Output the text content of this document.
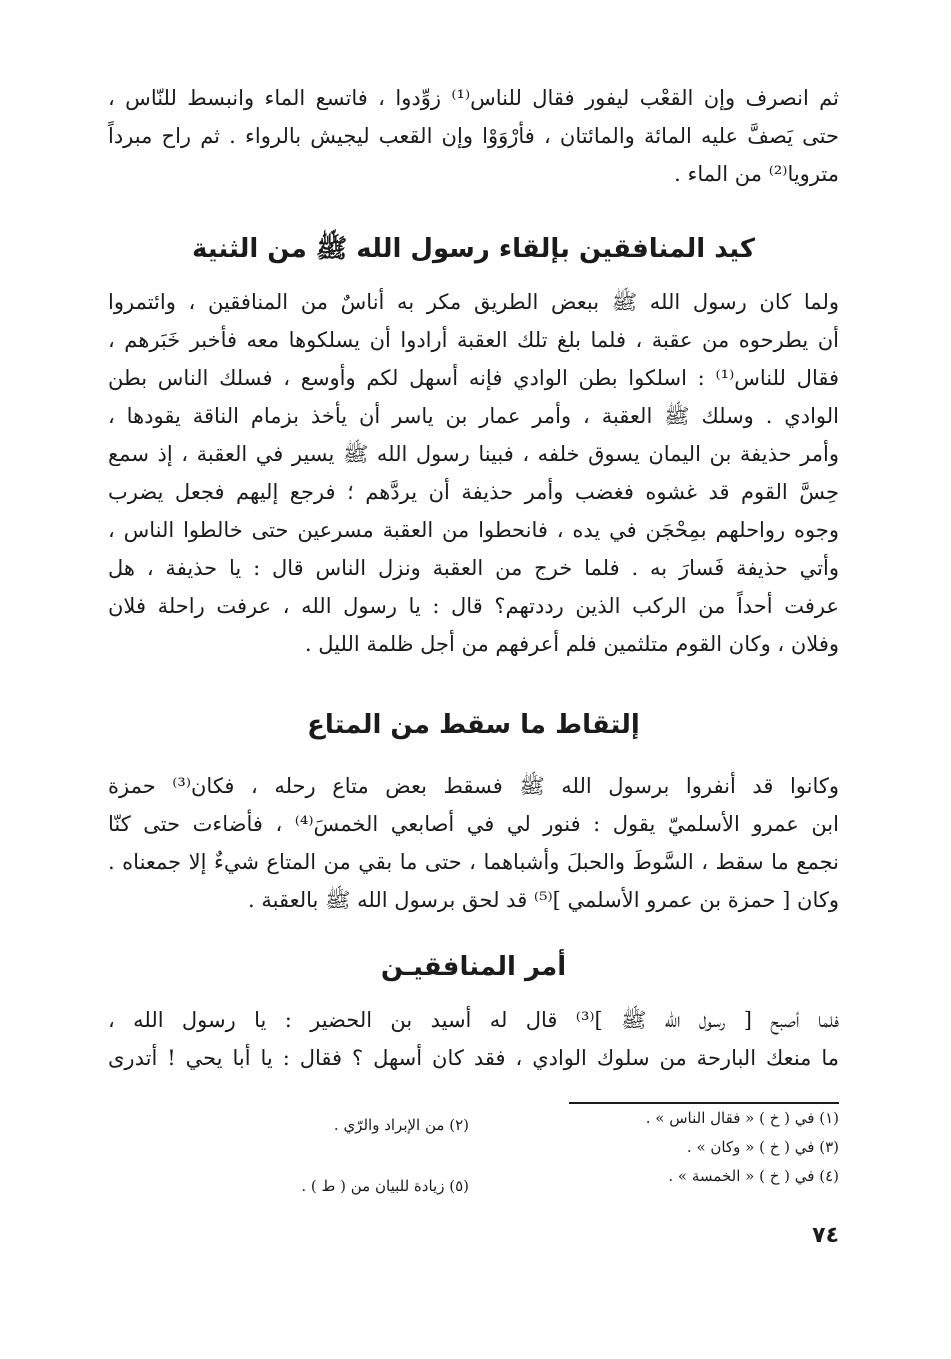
ثم انصرف وإن القعْب ليفور فقال للناس⁽¹⁾ زوِّدوا ، فاتسع الماء وانبسط للنّاس ،
حتى يَصفَّ عليه المائة والمائتان ، فأرْوَوْا وإن القعب ليجيش بالرواء . ثم راح مبرداً
مترويا⁽²⁾ من الماء .
كيد المنافقين بإلقاء رسول الله ﷺ من الثنية
ولما كان رسول الله ﷺ ببعض الطريق مكر به أناسٌ من المنافقين ، وائتمروا
أن يطرحوه من عقبة ، فلما بلغ تلك العقبة أرادوا أن يسلكوها معه فأخبر خَبَرهم ،
فقال للناس⁽¹⁾ : اسلكوا بطن الوادي فإنه أسهل لكم وأوسع ، فسلك الناس بطن
الوادي . وسلك ﷺ العقبة ، وأمر عمار بن ياسر أن يأخذ بزمام الناقة يقودها ،
وأمر حذيفة بن اليمان يسوق خلفه ، فبينا رسول الله ﷺ يسير في العقبة ، إذ سمع
حِسَّ القوم قد غشوه فغضب وأمر حذيفة أن يردَّهم ؛ فرجع إليهم فجعل يضرب
وجوه رواحلهم بمِحْجَن في يده ، فانحطوا من العقبة مسرعين حتى خالطوا الناس ،
وأتي حذيفة فَسارَ به . فلما خرج من العقبة ونزل الناس قال : يا حذيفة ، هل
عرفت أحداً من الركب الذين رددتهم؟ قال : يا رسول الله ، عرفت راحلة فلان
وفلان ، وكان القوم متلثمين فلم أعرفهم من أجل ظلمة الليل .
إلتقاط ما سقط من المتاع
وكانوا قد أنفروا برسول الله ﷺ فسقط بعض متاع رحله ، فكان⁽³⁾ حمزة
ابن عمرو الأسلميّ يقول : فنور لي في أصابعي الخمسَ⁽⁴⁾ ، فأضاءت حتى كنّا
نجمع ما سقط ، السَّوطَ والحبلَ وأشباهما ، حتى ما بقي من المتاع شيءٌ إلا جمعناه .
وكان [ حمزة بن عمرو الأسلمي ]⁽⁵⁾ قد لحق برسول الله ﷺ بالعقبة .
أمر المنافقيـن
فلما أصبح [ رسول الله ﷺ ]⁽³⁾ قال له أسيد بن الحضير : يا رسول الله ،
ما منعك البارحة من سلوك الوادي ، فقد كان أسهل ؟ فقال : يا أبا يحي ! أتدرى
(١) في ( خ ) « فقال الناس » .
(٢) من الإبراد والرّي .
(٣) في ( خ ) « وكان » .
(٤) في ( خ ) « الخمسة » .
(٥) زيادة للبيان من ( ط ) .
٧٤
